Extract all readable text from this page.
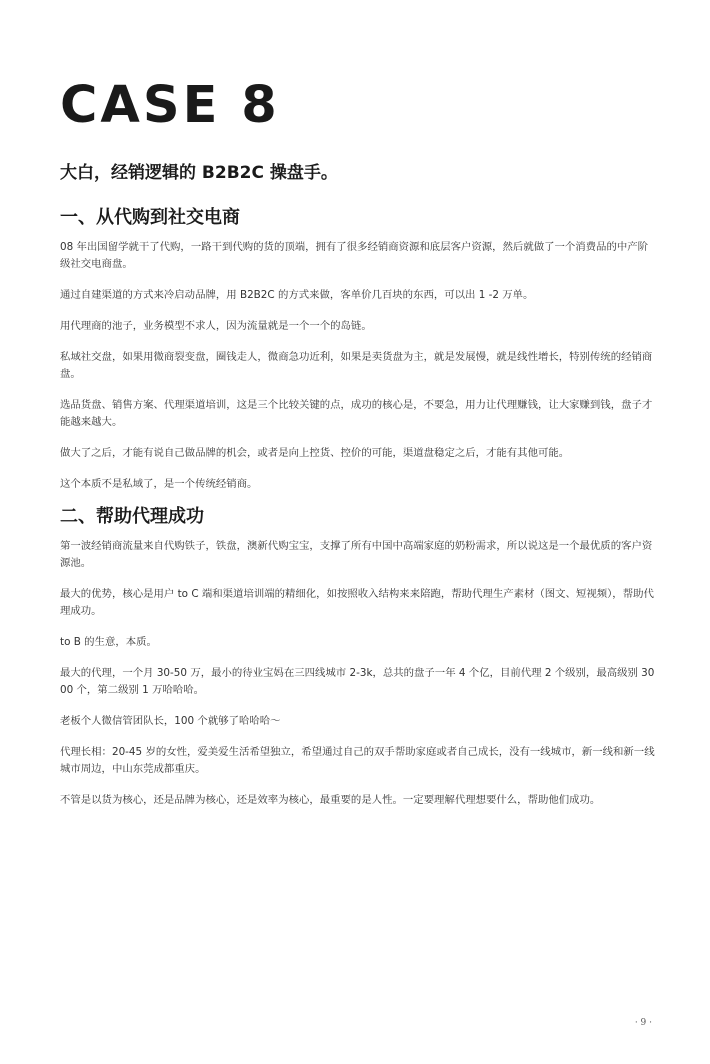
CASE 8
大白，经销逻辑的 B2B2C 操盘手。
一、从代购到社交电商

08 年出国留学就干了代购，一路干到代购的货的顶端，拥有了很多经销商资源和底层客户资源，然后就做了一个消费品的中产阶级社交电商盘。

通过自建渠道的方式来冷启动品牌，用 B2B2C 的方式来做，客单价几百块的东西，可以出 1 -2 万单。

用代理商的池子，业务模型不求人，因为流量就是一个一个的岛链。

私域社交盘，如果用微商裂变盘，圈钱走人，微商急功近利，如果是卖货盘为主，就是发展慢，就是线性增长，特别传统的经销商盘。

选品货盘、销售方案、代理渠道培训，这是三个比较关键的点，成功的核心是，不要急，用力让代理赚钱，让大家赚到钱，盘子才能越来越大。

做大了之后，才能有说自己做品牌的机会，或者是向上控货、控价的可能，渠道盘稳定之后，才能有其他可能。

这个本质不是私域了，是一个传统经销商。

二、帮助代理成功

第一波经销商流量来自代购铁子，铁盘，澳新代购宝宝，支撑了所有中国中高端家庭的奶粉需求，所以说这是一个最优质的客户资源池。

最大的优势，核心是用户 to C 端和渠道培训端的精细化，如按照收入结构来来陪跑，帮助代理生产素材（图文、短视频），帮助代理成功。

to B 的生意，本质。

最大的代理，一个月 30-50 万，最小的待业宝妈在三四线城市 2-3k，总共的盘子一年 4 个亿，目前代理 2 个级别，最高级别 3000 个，第二级别 1 万哈哈哈。

老板个人微信管团队长，100 个就够了哈哈哈～

代理长相：20-45 岁的女性，爱美爱生活希望独立，希望通过自己的双手帮助家庭或者自己成长，没有一线城市，新一线和新一线城市周边，中山东莞成都重庆。

不管是以货为核心，还是品牌为核心，还是效率为核心，最重要的是人性。一定要理解代理想要什么，帮助他们成功。

· 9 ·
